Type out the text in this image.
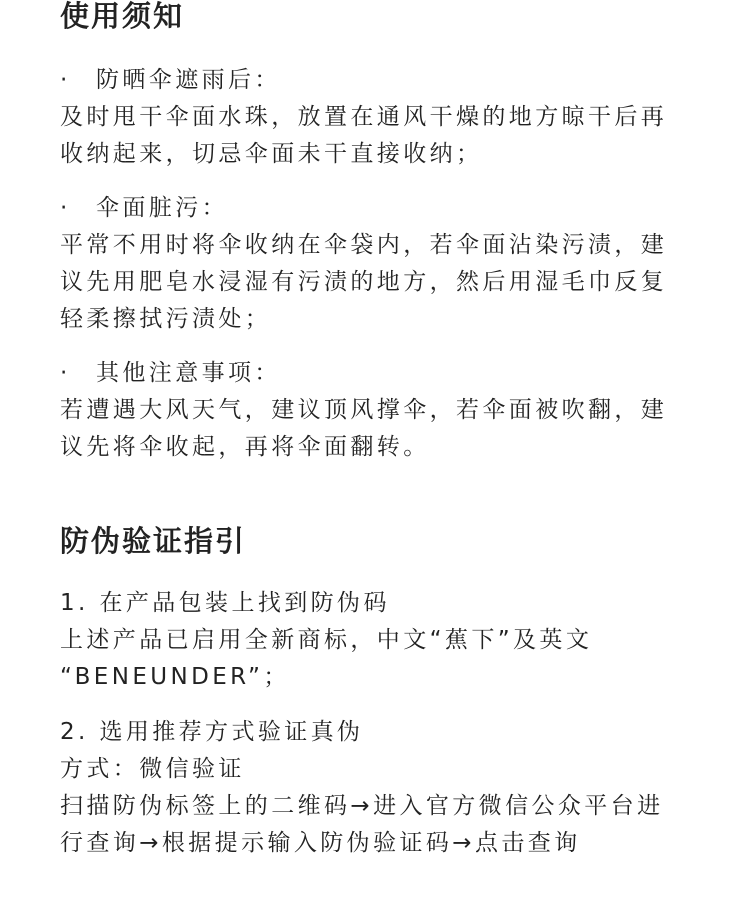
使用须知
· 防晒伞遮雨后：
及时甩干伞面水珠，放置在通风干燥的地方晾干后再
收纳起来，切忌伞面未干直接收纳；
· 伞面脏污：
平常不用时将伞收纳在伞袋内，若伞面沾染污渍，建
议先用肥皂水浸湿有污渍的地方，然后用湿毛巾反复
轻柔擦拭污渍处；
· 其他注意事项：
若遭遇大风天气，建议顶风撑伞，若伞面被吹翻，建
议先将伞收起，再将伞面翻转。
防伪验证指引
1. 在产品包装上找到防伪码
上述产品已启用全新商标，中文“蕉下”及英文
“BENEUNDER”；
2. 选用推荐方式验证真伪
方式：微信验证
扫描防伪标签上的二维码→进入官方微信公众平台进
行查询→根据提示输入防伪验证码→点击查询
